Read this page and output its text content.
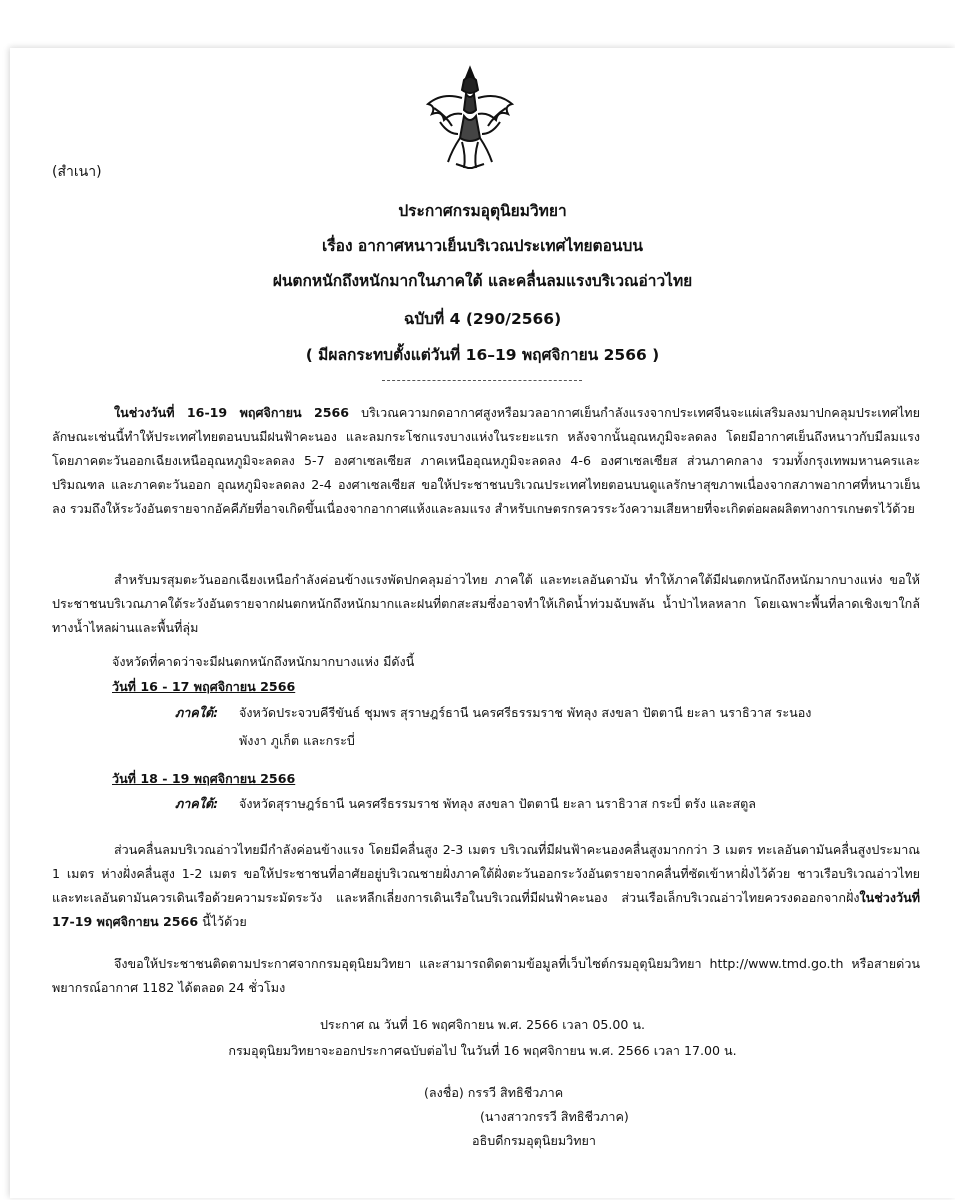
(สำเนา)
ประกาศกรมอุตุนิยมวิทยา
เรื่อง อากาศหนาวเย็นบริเวณประเทศไทยตอนบน
ฝนตกหนักถึงหนักมากในภาคใต้ และคลื่นลมแรงบริเวณอ่าวไทย
ฉบับที่ 4 (290/2566)
( มีผลกระทบตั้งแต่วันที่ 16–19 พฤศจิกายน 2566 )

ในช่วงวันที่ 16-19 พฤศจิกายน 2566 บริเวณความกดอากาศสูงหรือมวลอากาศเย็นกำลังแรงจากประเทศจีนจะแผ่เสริมลงมาปกคลุมประเทศไทย ลักษณะเช่นนี้ทำให้ประเทศไทยตอนบนมีฝนฟ้าคะนอง และลมกระโชกแรงบางแห่งในระยะแรก หลังจากนั้นอุณหภูมิจะลดลง โดยมีอากาศเย็นถึงหนาวกับมีลมแรง โดยภาคตะวันออกเฉียงเหนืออุณหภูมิจะลดลง 5-7 องศาเซลเซียส ภาคเหนืออุณหภูมิจะลดลง 4-6 องศาเซลเซียส ส่วนภาคกลาง รวมทั้งกรุงเทพมหานครและปริมณฑล และภาคตะวันออก อุณหภูมิจะลดลง 2-4 องศาเซลเซียส ขอให้ประชาชนบริเวณประเทศไทยตอนบนดูแลรักษาสุขภาพเนื่องจากสภาพอากาศที่หนาวเย็นลง รวมถึงให้ระวังอันตรายจากอัคคีภัยที่อาจเกิดขึ้นเนื่องจากอากาศแห้งและลมแรง สำหรับเกษตรกรควรระวังความเสียหายที่จะเกิดต่อผลผลิตทางการเกษตรไว้ด้วย

สำหรับมรสุมตะวันออกเฉียงเหนือกำลังค่อนข้างแรงพัดปกคลุมอ่าวไทย ภาคใต้ และทะเลอันดามัน ทำให้ภาคใต้มีฝนตกหนักถึงหนักมากบางแห่ง ขอให้ประชาชนบริเวณภาคใต้ระวังอันตรายจากฝนตกหนักถึงหนักมากและฝนที่ตกสะสมซึ่งอาจทำให้เกิดน้ำท่วมฉับพลัน น้ำป่าไหลหลาก โดยเฉพาะพื้นที่ลาดเชิงเขาใกล้ทางน้ำไหลผ่านและพื้นที่ลุ่ม

จังหวัดที่คาดว่าจะมีฝนตกหนักถึงหนักมากบางแห่ง มีดังนี้
วันที่ 16 - 17 พฤศจิกายน 2566
ภาคใต้: จังหวัดประจวบคีรีขันธ์ ชุมพร สุราษฎร์ธานี นครศรีธรรมราช พัทลุง สงขลา ปัตตานี ยะลา นราธิวาส ระนอง
พังงา ภูเก็ต และกระบี่
วันที่ 18 - 19 พฤศจิกายน 2566
ภาคใต้: จังหวัดสุราษฎร์ธานี นครศรีธรรมราช พัทลุง สงขลา ปัตตานี ยะลา นราธิวาส กระบี่ ตรัง และสตูล

ส่วนคลื่นลมบริเวณอ่าวไทยมีกำลังค่อนข้างแรง โดยมีคลื่นสูง 2-3 เมตร บริเวณที่มีฝนฟ้าคะนองคลื่นสูงมากกว่า 3 เมตร ทะเลอันดามันคลื่นสูงประมาณ 1 เมตร ห่างฝั่งคลื่นสูง 1-2 เมตร ขอให้ประชาชนที่อาศัยอยู่บริเวณชายฝั่งภาคใต้ฝั่งตะวันออกระวังอันตรายจากคลื่นที่ซัดเข้าหาฝั่งไว้ด้วย ชาวเรือบริเวณอ่าวไทยและทะเลอันดามันควรเดินเรือด้วยความระมัดระวัง และหลีกเลี่ยงการเดินเรือในบริเวณที่มีฝนฟ้าคะนอง ส่วนเรือเล็กบริเวณอ่าวไทยควรงดออกจากฝั่งในช่วงวันที่ 17-19 พฤศจิกายน 2566 นี้ไว้ด้วย

จึงขอให้ประชาชนติดตามประกาศจากกรมอุตุนิยมวิทยา และสามารถติดตามข้อมูลที่เว็บไซต์กรมอุตุนิยมวิทยา http://www.tmd.go.th หรือสายด่วนพยากรณ์อากาศ 1182 ได้ตลอด 24 ชั่วโมง

ประกาศ ณ วันที่ 16 พฤศจิกายน พ.ศ. 2566 เวลา 05.00 น.
กรมอุตุนิยมวิทยาจะออกประกาศฉบับต่อไป ในวันที่ 16 พฤศจิกายน พ.ศ. 2566 เวลา 17.00 น.
(ลงชื่อ) กรรวี สิทธิชีวภาค
(นางสาวกรรวี สิทธิชีวภาค)
อธิบดีกรมอุตุนิยมวิทยา
